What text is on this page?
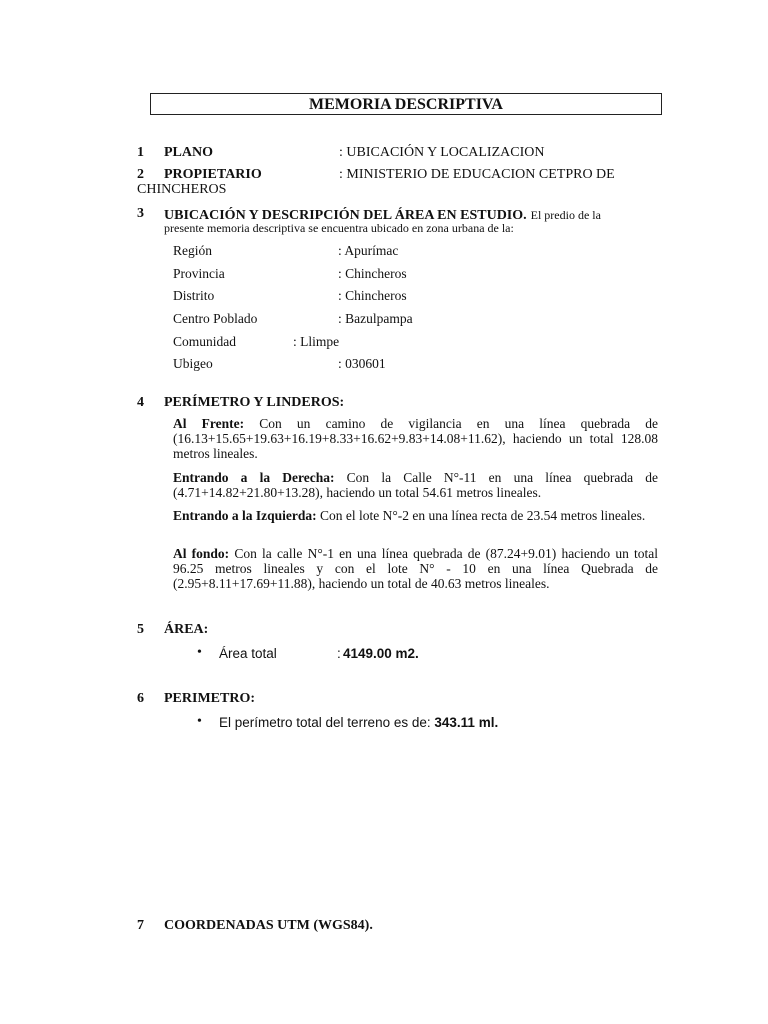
MEMORIA DESCRIPTIVA
1 PLANO	: UBICACIÓN Y LOCALIZACION
2 PROPIETARIO	: MINISTERIO DE EDUCACION CETPRO DE
CHINCHEROS
3 UBICACIÓN Y DESCRIPCIÓN DEL ÁREA EN ESTUDIO. El predio de la
presente memoria descriptiva se encuentra ubicado en zona urbana de la:
Región	: Apurímac
Provincia	: Chincheros
Distrito	: Chincheros
Centro Poblado	: Bazulpampa
Comunidad	: Llimpe
Ubigeo	: 030601
4 PERÍMETRO Y LINDEROS:
Al Frente: Con un camino de vigilancia en una línea quebrada de (16.13+15.65+19.63+16.19+8.33+16.62+9.83+14.08+11.62), haciendo un total 128.08 metros lineales.
Entrando a la Derecha: Con la Calle N°-11 en una línea quebrada de (4.71+14.82+21.80+13.28), haciendo un total 54.61 metros lineales.
Entrando a la Izquierda: Con el lote N°-2 en una línea recta de 23.54 metros lineales.
Al fondo: Con la calle N°-1 en una línea quebrada de (87.24+9.01) haciendo un total 96.25 metros lineales y con el lote N° - 10 en una línea Quebrada de (2.95+8.11+17.69+11.88), haciendo un total de 40.63 metros lineales.
5 ÁREA:
• Área total	: 4149.00 m2.
6 PERIMETRO:
• El perímetro total del terreno es de: 343.11 ml.
7 COORDENADAS UTM (WGS84).
